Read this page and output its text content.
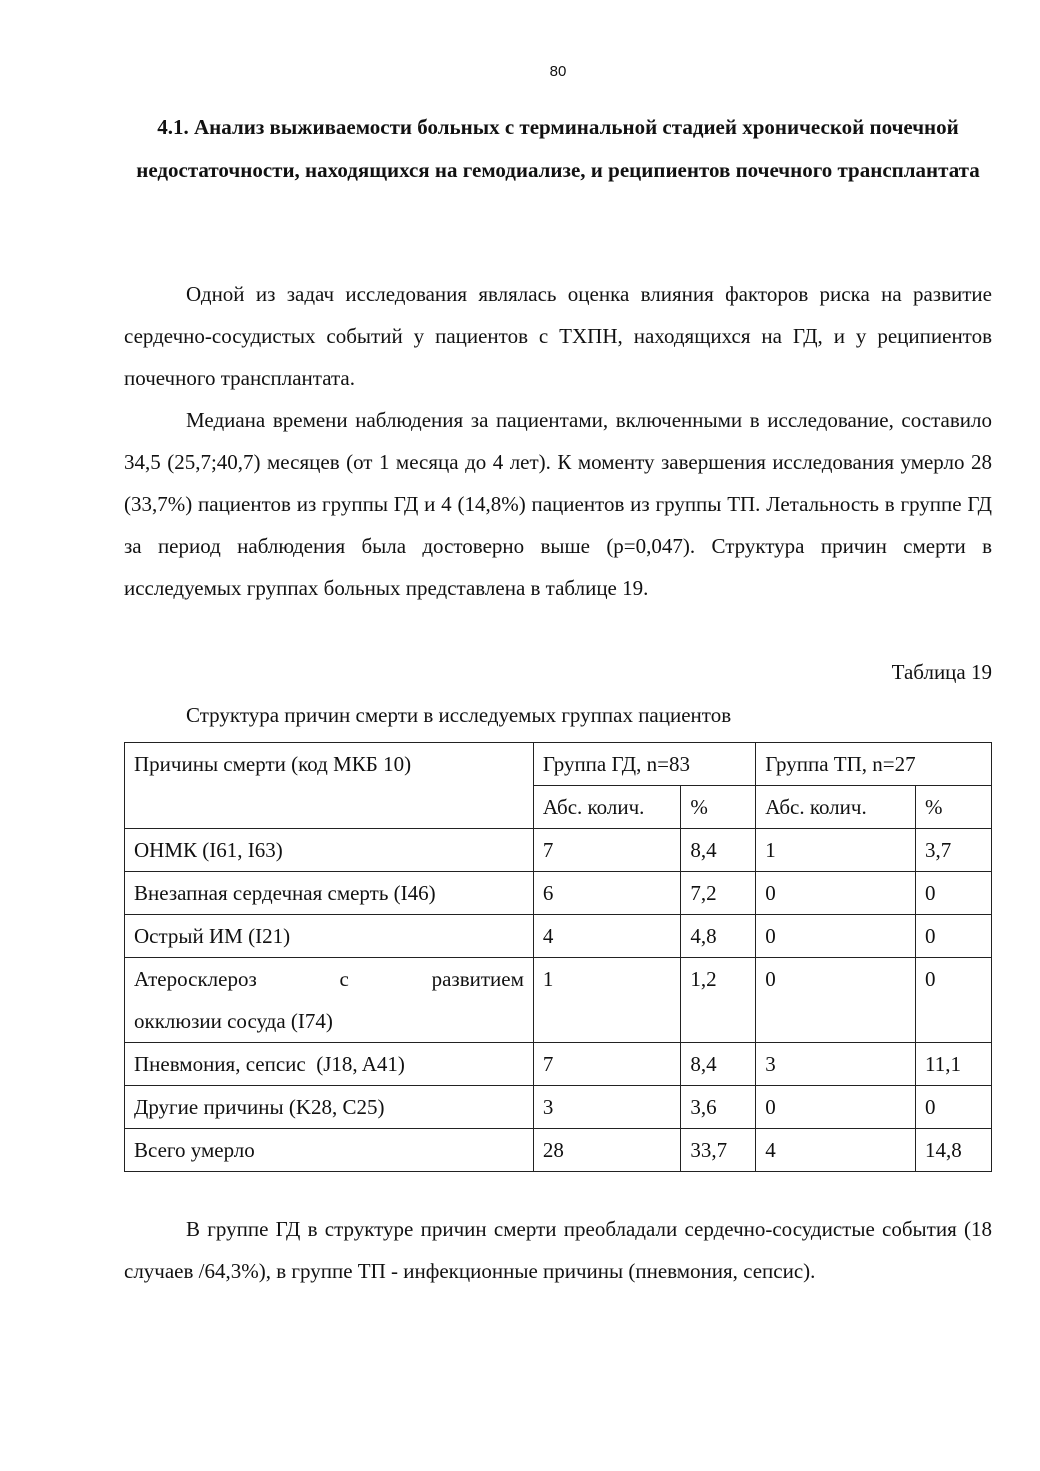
80
4.1. Анализ выживаемости больных с терминальной стадией хронической почечной недостаточности, находящихся на гемодиализе, и реципиентов почечного трансплантата
Одной из задач исследования являлась оценка влияния факторов риска на развитие сердечно-сосудистых событий у пациентов с ТХПН, находящихся на ГД, и у реципиентов почечного трансплантата.
Медиана времени наблюдения за пациентами, включенными в исследование, составило 34,5 (25,7;40,7) месяцев (от 1 месяца до 4 лет). К моменту завершения исследования умерло 28 (33,7%) пациентов из группы ГД и 4 (14,8%) пациентов из группы ТП. Летальность в группе ГД за период наблюдения была достоверно выше (p=0,047). Структура причин смерти в исследуемых группах больных представлена в таблице 19.
Таблица 19
Структура причин смерти в исследуемых группах пациентов
Причины смерти (код МКБ 10)	Группа ГД, n=83		Группа ТП, n=27	
	Абс. колич.	%	Абс. колич.	%
ОНМК (I61, I63)	7	8,4	1	3,7
Внезапная сердечная смерть (I46)	6	7,2	0	0
Острый ИМ (I21)	4	4,8	0	0

Атеросклероз с развитием
окклюзии сосуда (I74)	1	1,2	0	0
Пневмония, сепсис  (J18, A41)	7	8,4	3	11,1
Другие причины (K28, C25)	3	3,6	0	0
Всего умерло	28	33,7	4	14,8
В группе ГД в структуре причин смерти преобладали сердечно-сосудистые события (18 случаев /64,3%), в группе ТП - инфекционные причины (пневмония, сепсис).
